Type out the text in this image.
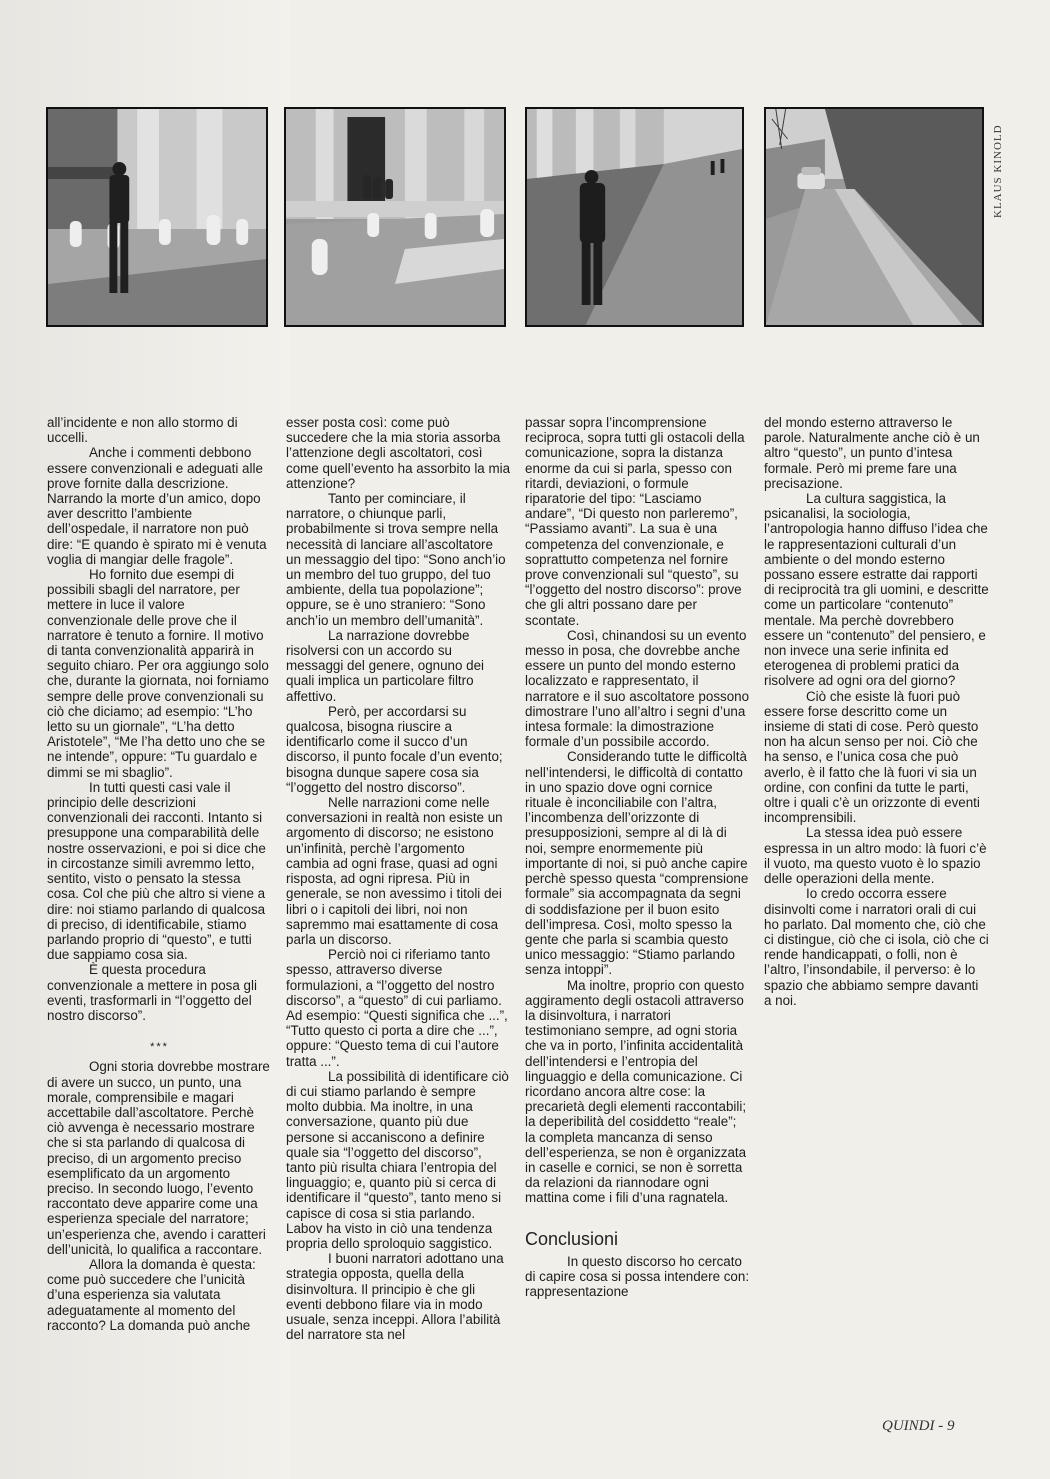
KLAUS KINOLD

all’incidente e non allo stormo di uccelli.

Anche i commenti debbono essere convenzionali e adeguati alle prove fornite dalla descrizione. Narrando la morte d’un amico, dopo aver descritto l’ambiente dell’ospedale, il narratore non può dire: “E quando è spirato mi è venuta voglia di mangiar delle fragole”.

Ho fornito due esempi di possibili sbagli del narratore, per mettere in luce il valore convenzionale delle prove che il narratore è tenuto a fornire. Il motivo di tanta convenzionalità apparirà in seguito chiaro. Per ora aggiungo solo che, durante la giornata, noi forniamo sempre delle prove convenzionali su ciò che diciamo; ad esempio: “L’ho letto su un giornale”, “L’ha detto Aristotele”, “Me l’ha detto uno che se ne intende”, oppure: “Tu guardalo e dimmi se mi sbaglio”.

In tutti questi casi vale il principio delle descrizioni convenzionali dei racconti. Intanto si presuppone una comparabilità delle nostre osservazioni, e poi si dice che in circostanze simili avremmo letto, sentito, visto o pensato la stessa cosa. Col che più che altro si viene a dire: noi stiamo parlando di qualcosa di preciso, di identificabile, stiamo parlando proprio di “questo”, e tutti due sappiamo cosa sia.

È questa procedura convenzionale a mettere in posa gli eventi, trasformarli in “l’oggetto del nostro discorso”.

***

Ogni storia dovrebbe mostrare di avere un succo, un punto, una morale, comprensibile e magari accettabile dall’ascoltatore. Perchè ciò avvenga è necessario mostrare che si sta parlando di qualcosa di preciso, di un argomento preciso esemplificato da un argomento preciso. In secondo luogo, l’evento raccontato deve apparire come una esperienza speciale del narratore; un’esperienza che, avendo i caratteri dell’unicità, lo qualifica a raccontare.

Allora la domanda è questa: come può succedere che l’unicità d’una esperienza sia valutata adeguatamente al momento del racconto? La domanda può anche

esser posta così: come può succedere che la mia storia assorba l’attenzione degli ascoltatori, così come quell’evento ha assorbito la mia attenzione?

Tanto per cominciare, il narratore, o chiunque parli, probabilmente si trova sempre nella necessità di lanciare all’ascoltatore un messaggio del tipo: “Sono anch’io un membro del tuo gruppo, del tuo ambiente, della tua popolazione”; oppure, se è uno straniero: “Sono anch’io un membro dell’umanità”.

La narrazione dovrebbe risolversi con un accordo su messaggi del genere, ognuno dei quali implica un particolare filtro affettivo.

Però, per accordarsi su qualcosa, bisogna riuscire a identificarlo come il succo d’un discorso, il punto focale d’un evento; bisogna dunque sapere cosa sia “l’oggetto del nostro discorso”.

Nelle narrazioni come nelle conversazioni in realtà non esiste un argomento di discorso; ne esistono un’infinità, perchè l’argomento cambia ad ogni frase, quasi ad ogni risposta, ad ogni ripresa. Più in generale, se non avessimo i titoli dei libri o i capitoli dei libri, noi non sapremmo mai esattamente di cosa parla un discorso.

Perciò noi ci riferiamo tanto spesso, attraverso diverse formulazioni, a “l’oggetto del nostro discorso”, a “questo” di cui parliamo. Ad esempio: “Questi significa che ...”, “Tutto questo ci porta a dire che ...”, oppure: “Questo tema di cui l’autore tratta ...”.

La possibilità di identificare ciò di cui stiamo parlando è sempre molto dubbia. Ma inoltre, in una conversazione, quanto più due persone si accaniscono a definire quale sia “l’oggetto del discorso”, tanto più risulta chiara l’entropia del linguaggio; e, quanto più si cerca di identificare il “questo”, tanto meno si capisce di cosa si stia parlando. Labov ha visto in ciò una tendenza propria dello sproloquio saggistico.

I buoni narratori adottano una strategia opposta, quella della disinvoltura. Il principio è che gli eventi debbono filare via in modo usuale, senza inceppi. Allora l’abilità del narratore sta nel

passar sopra l’incomprensione reciproca, sopra tutti gli ostacoli della comunicazione, sopra la distanza enorme da cui si parla, spesso con ritardi, deviazioni, o formule riparatorie del tipo: “Lasciamo andare”, “Di questo non parleremo”, “Passiamo avanti”. La sua è una competenza del convenzionale, e soprattutto competenza nel fornire prove convenzionali sul “questo”, su “l’oggetto del nostro discorso”: prove che gli altri possano dare per scontate.

Così, chinandosi su un evento messo in posa, che dovrebbe anche essere un punto del mondo esterno localizzato e rappresentato, il narratore e il suo ascoltatore possono dimostrare l’uno all’altro i segni d’una intesa formale: la dimostrazione formale d’un possibile accordo.

Considerando tutte le difficoltà nell’intendersi, le difficoltà di contatto in uno spazio dove ogni cornice rituale è inconciliabile con l’altra, l’incombenza dell’orizzonte di presupposizioni, sempre al di là di noi, sempre enormemente più importante di noi, si può anche capire perchè spesso questa “comprensione formale” sia accompagnata da segni di soddisfazione per il buon esito dell’impresa. Così, molto spesso la gente che parla si scambia questo unico messaggio: “Stiamo parlando senza intoppi”.

Ma inoltre, proprio con questo aggiramento degli ostacoli attraverso la disinvoltura, i narratori testimoniano sempre, ad ogni storia che va in porto, l’infinita accidentalità dell’intendersi e l’entropia del linguaggio e della comunicazione. Ci ricordano ancora altre cose: la precarietà degli elementi raccontabili; la deperibilità del cosiddetto “reale”; la completa mancanza di senso dell’esperienza, se non è organizzata in caselle e cornici, se non è sorretta da relazioni da riannodare ogni mattina come i fili d’una ragnatela.

Conclusioni

In questo discorso ho cercato di capire cosa si possa intendere con: rappresentazione

del mondo esterno attraverso le parole. Naturalmente anche ciò è un altro “questo”, un punto d’intesa formale. Però mi preme fare una precisazione.

La cultura saggistica, la psicanalisi, la sociologia, l’antropologia hanno diffuso l’idea che le rappresentazioni culturali d’un ambiente o del mondo esterno possano essere estratte dai rapporti di reciprocità tra gli uomini, e descritte come un particolare “contenuto” mentale. Ma perchè dovrebbero essere un “contenuto” del pensiero, e non invece una serie infinita ed eterogenea di problemi pratici da risolvere ad ogni ora del giorno?

Ciò che esiste là fuori può essere forse descritto come un insieme di stati di cose. Però questo non ha alcun senso per noi. Ciò che ha senso, e l’unica cosa che può averlo, è il fatto che là fuori vi sia un ordine, con confini da tutte le parti, oltre i quali c’è un orizzonte di eventi incomprensibili.

La stessa idea può essere espressa in un altro modo: là fuori c’è il vuoto, ma questo vuoto è lo spazio delle operazioni della mente.

Io credo occorra essere disinvolti come i narratori orali di cui ho parlato. Dal momento che, ciò che ci distingue, ciò che ci isola, ciò che ci rende handicappati, o folli, non è l’altro, l’insondabile, il perverso: è lo spazio che abbiamo sempre davanti a noi.

QUINDI - 9
